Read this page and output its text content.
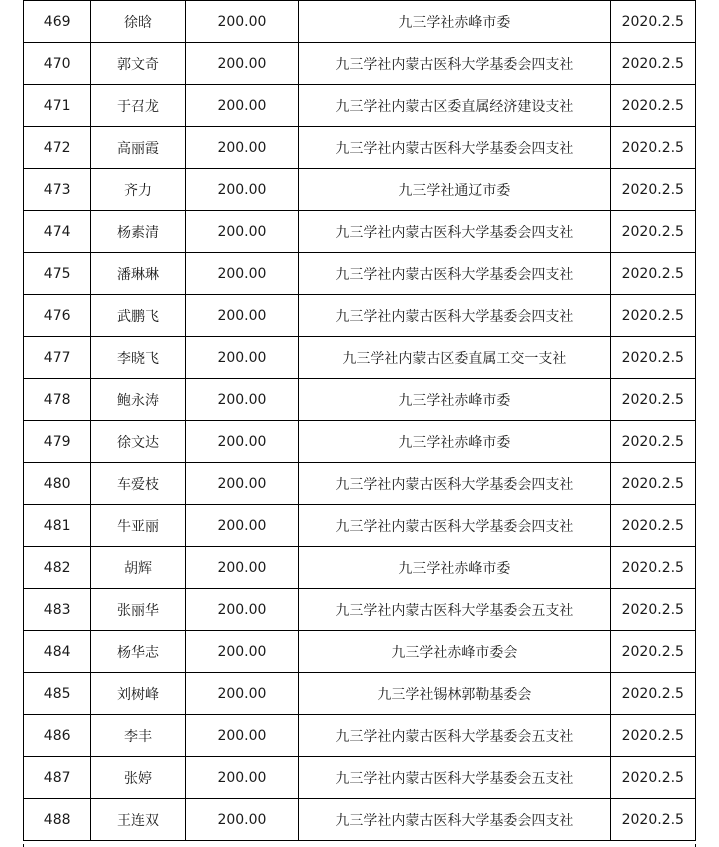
469	徐晗	200.00	九三学社赤峰市委	2020.2.5
470	郭文奇	200.00	九三学社内蒙古医科大学基委会四支社	2020.2.5
471	于召龙	200.00	九三学社内蒙古区委直属经济建设支社	2020.2.5
472	高丽霞	200.00	九三学社内蒙古医科大学基委会四支社	2020.2.5
473	齐力	200.00	九三学社通辽市委	2020.2.5
474	杨素清	200.00	九三学社内蒙古医科大学基委会四支社	2020.2.5
475	潘琳琳	200.00	九三学社内蒙古医科大学基委会四支社	2020.2.5
476	武鹏飞	200.00	九三学社内蒙古医科大学基委会四支社	2020.2.5
477	李晓飞	200.00	九三学社内蒙古区委直属工交一支社	2020.2.5
478	鲍永涛	200.00	九三学社赤峰市委	2020.2.5
479	徐文达	200.00	九三学社赤峰市委	2020.2.5
480	车爱枝	200.00	九三学社内蒙古医科大学基委会四支社	2020.2.5
481	牛亚丽	200.00	九三学社内蒙古医科大学基委会四支社	2020.2.5
482	胡辉	200.00	九三学社赤峰市委	2020.2.5
483	张丽华	200.00	九三学社内蒙古医科大学基委会五支社	2020.2.5
484	杨华志	200.00	九三学社赤峰市委会	2020.2.5
485	刘树峰	200.00	九三学社锡林郭勒基委会	2020.2.5
486	李丰	200.00	九三学社内蒙古医科大学基委会五支社	2020.2.5
487	张婷	200.00	九三学社内蒙古医科大学基委会五支社	2020.2.5
488	王连双	200.00	九三学社内蒙古医科大学基委会四支社	2020.2.5
